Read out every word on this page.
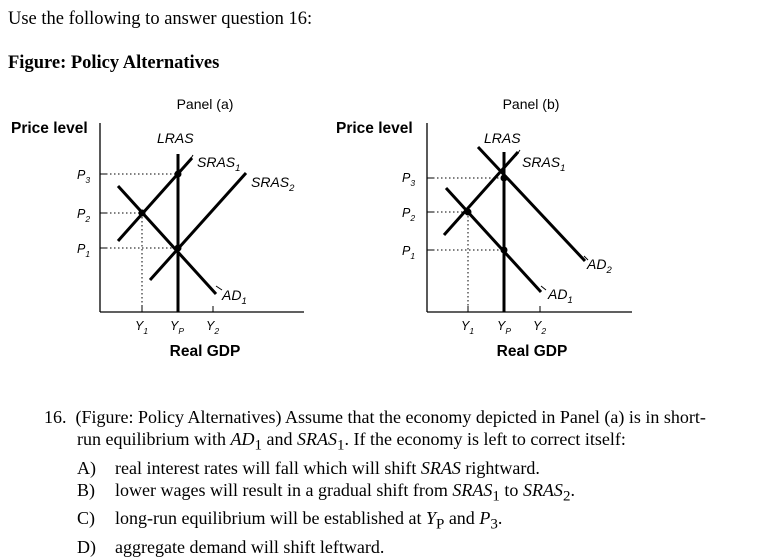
Use the following to answer question 16:
Figure: Policy Alternatives
Panel (a)
Price level
LRAS
$SRAS_1$
$SRAS_2$
$AD_1$
$P_3$
$P_2$
$P_1$
$Y_1$ $Y_P$ $Y_2$
Real GDP
Panel (b)
Price level
LRAS
$SRAS_1$
$AD_1$
$AD_2$
$P_3$
$P_2$
$P_1$
$Y_1$ $Y_P$ $Y_2$
Real GDP
16. (Figure: Policy Alternatives) Assume that the economy depicted in Panel (a) is in short-
run equilibrium with $AD_1$ and $SRAS_1$. If the economy is left to correct itself:
A) real interest rates will fall which will shift SRAS rightward.
B) lower wages will result in a gradual shift from $SRAS_1$ to $SRAS_2$.
C) long-run equilibrium will be established at $Y_P$ and $P_3$.
D) aggregate demand will shift leftward.
